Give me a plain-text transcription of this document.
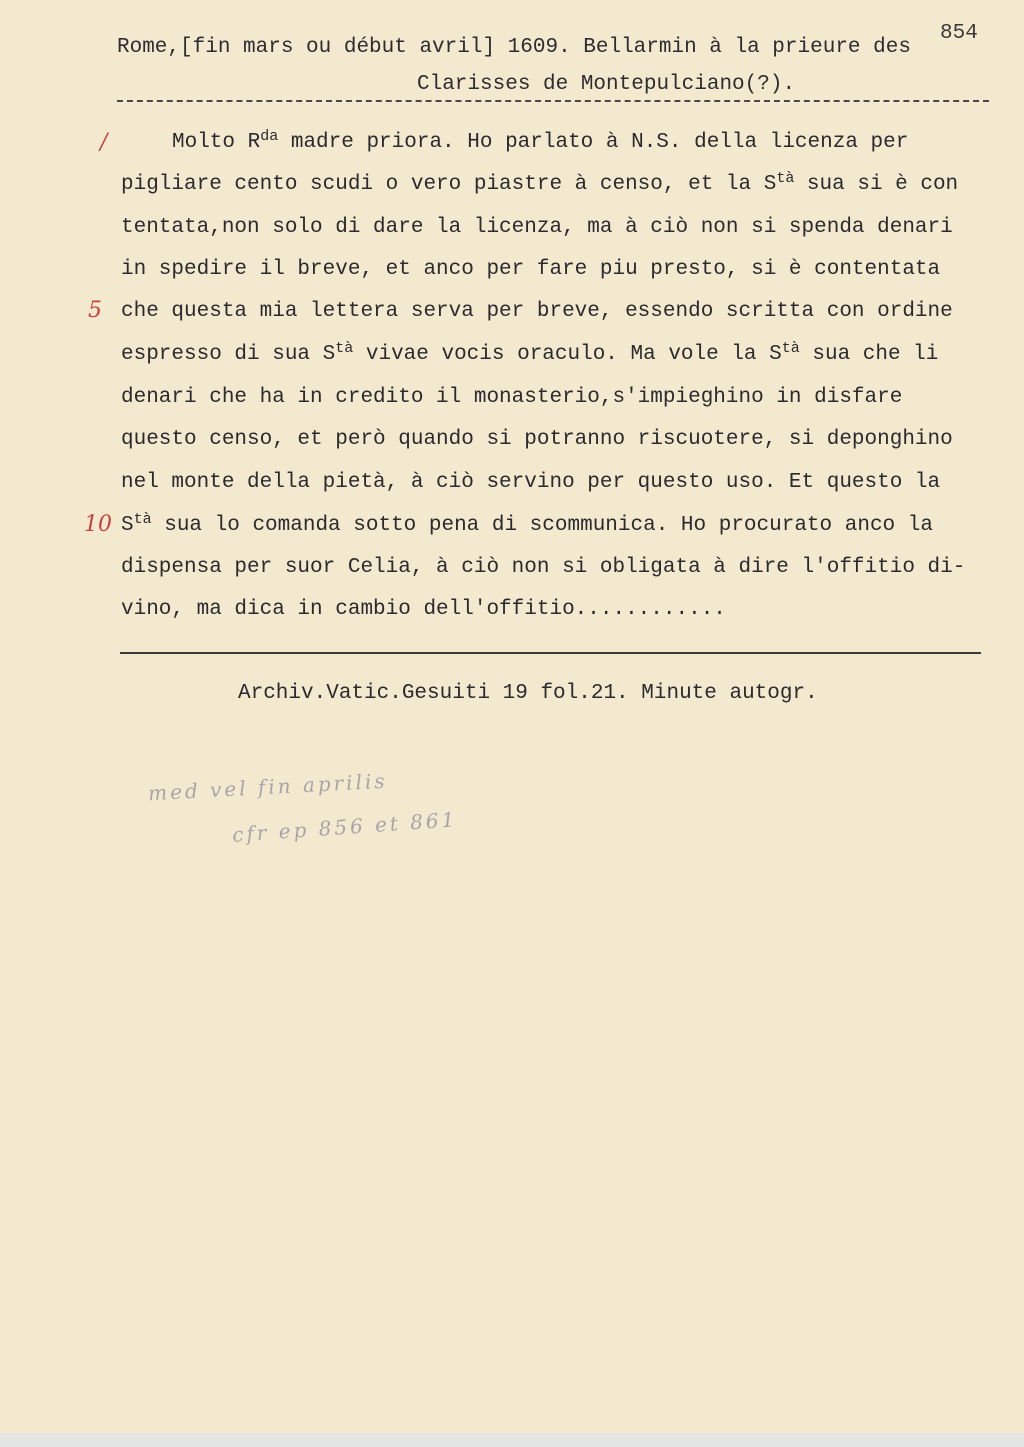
854
Rome,[fin mars ou début avril] 1609. Bellarmin à la prieure des
Clarisses de Montepulciano(?).
/
5
10
Molto $R^{da}$ madre priora. Ho parlato à N.S. della licenza per
pigliare cento scudi o vero piastre à censo, et la $S^{tà}$ sua si è con
tentata,non solo di dare la licenza, ma à ciò non si spenda denari
in spedire il breve, et anco per fare piu presto, si è contentata
che questa mia lettera serva per breve, essendo scritta con ordine
espresso di sua $S^{tà}$ vivae vocis oraculo. Ma vole la $S^{tà}$ sua che li
denari che ha in credito il monasterio,s'impieghino in disfare
questo censo, et però quando si potranno riscuotere, si deponghino
nel monte della pietà, à ciò servino per questo uso. Et questo la
$S^{tà}$ sua lo comanda sotto pena di scommunica. Ho procurato anco la
dispensa per suor Celia, à ciò non si obligata à dire l'offitio di-
vino, ma dica in cambio dell'offitio............
Archiv.Vatic.Gesuiti 19 fol.21. Minute autogr.
med vel fin aprilis
cfr ep 856 et 861
